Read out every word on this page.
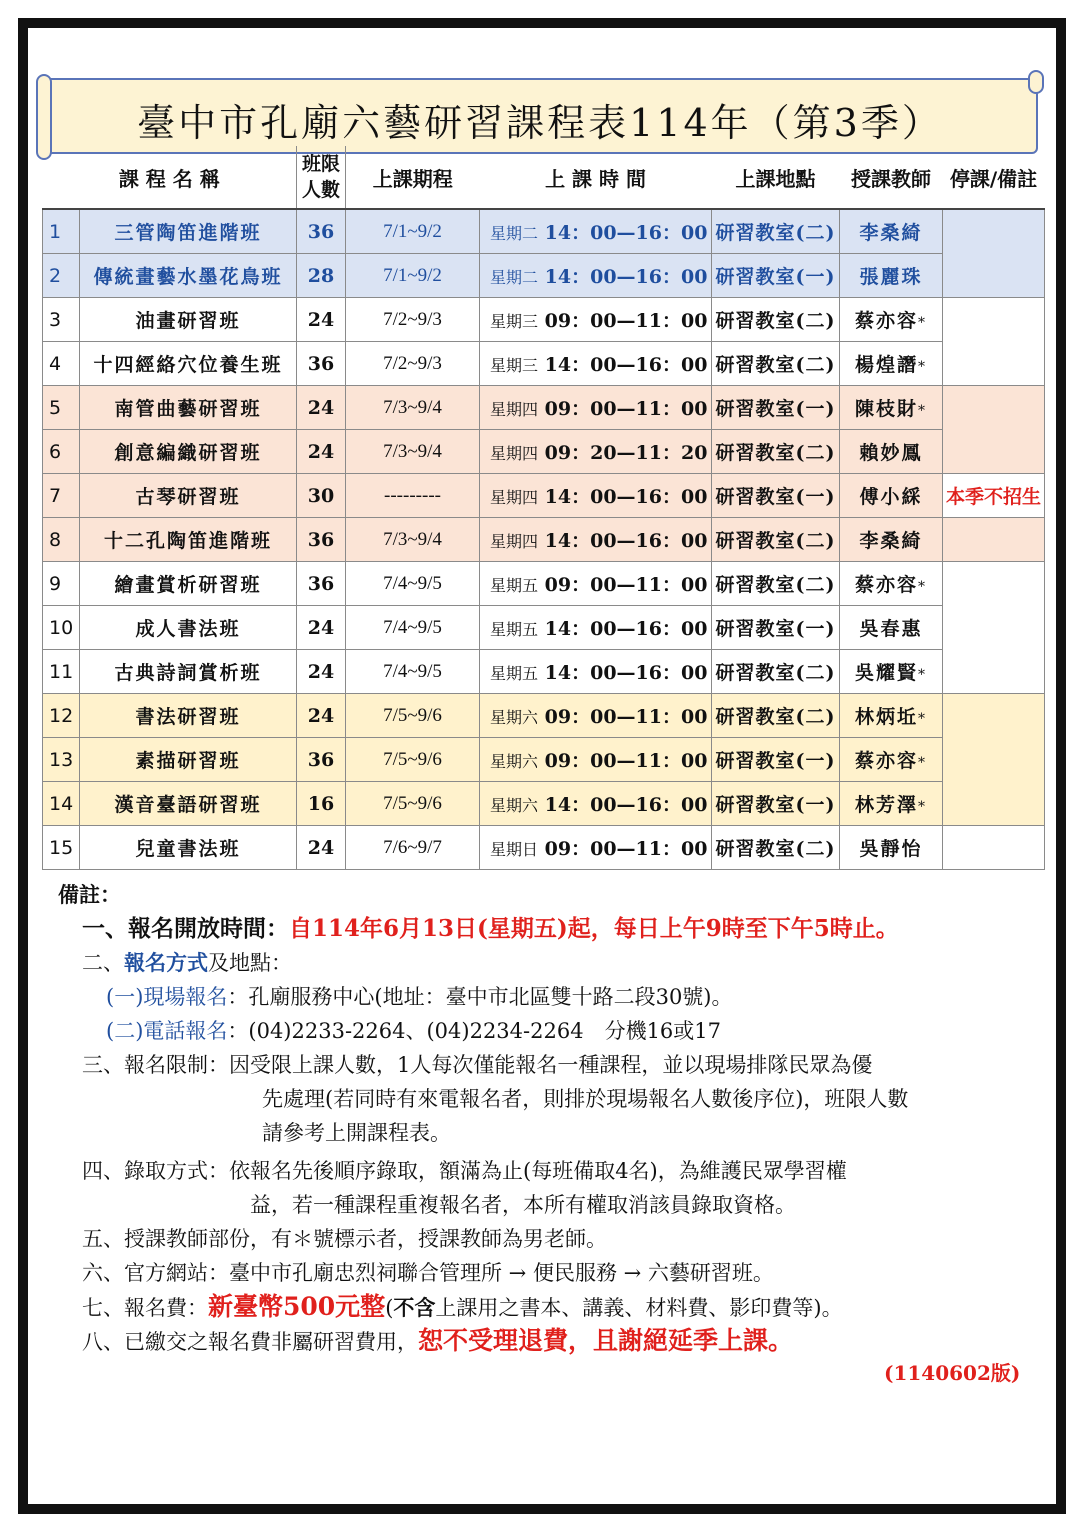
臺中市孔廟六藝研習課程表114年（第3季）
課 程 名 稱		班限
人數	上課期程	上 課 時 間	上課地點	授課教師	停課/備註
1	三管陶笛進階班	36	7/1~9/2	星期二 14：00—16：00	研習教室(二)	李桑綺	
2	傳統畫藝水墨花鳥班	28	7/1~9/2	星期二 14：00—16：00	研習教室(一)	張麗珠	
3	油畫研習班	24	7/2~9/3	星期三 09：00—11：00	研習教室(二)	蔡亦容*	
4	十四經絡穴位養生班	36	7/2~9/3	星期三 14：00—16：00	研習教室(二)	楊煌譖*	
5	南管曲藝研習班	24	7/3~9/4	星期四 09：00—11：00	研習教室(一)	陳枝財*	
6	創意編織研習班	24	7/3~9/4	星期四 09：20—11：20	研習教室(二)	賴妙鳳	
7	古琴研習班	30	---------	星期四 14：00—16：00	研習教室(一)	傅小綵	本季不招生
8	十二孔陶笛進階班	36	7/3~9/4	星期四 14：00—16：00	研習教室(二)	李桑綺	
9	繪畫賞析研習班	36	7/4~9/5	星期五 09：00—11：00	研習教室(二)	蔡亦容*	
10	成人書法班	24	7/4~9/5	星期五 14：00—16：00	研習教室(一)	吳春惠	
11	古典詩詞賞析班	24	7/4~9/5	星期五 14：00—16：00	研習教室(二)	吳耀賢*	
12	書法研習班	24	7/5~9/6	星期六 09：00—11：00	研習教室(二)	林炳坵*	
13	素描研習班	36	7/5~9/6	星期六 09：00—11：00	研習教室(一)	蔡亦容*	
14	漢音臺語研習班	16	7/5~9/6	星期六 14：00—16：00	研習教室(一)	林芳澤*	
15	兒童書法班	24	7/6~9/7	星期日 09：00—11：00	研習教室(二)	吳靜怡	
備註：
一、報名開放時間：自114年6月13日(星期五)起，每日上午9時至下午5時止。
二、報名方式及地點：
(一)現場報名：孔廟服務中心(地址：臺中市北區雙十路二段30號)。
(二)電話報名：(04)2233-2264、(04)2234-2264　分機16或17
三、報名限制：因受限上課人數，1人每次僅能報名一種課程，並以現場排隊民眾為優
先處理(若同時有來電報名者，則排於現場報名人數後序位)，班限人數
請參考上開課程表。
四、錄取方式：依報名先後順序錄取，額滿為止(每班備取4名)，為維護民眾學習權
益，若一種課程重複報名者，本所有權取消該員錄取資格。
五、授課教師部份，有＊號標示者，授課教師為男老師。
六、官方網站：臺中市孔廟忠烈祠聯合管理所 → 便民服務 → 六藝研習班。
七、報名費：新臺幣500元整(不含上課用之書本、講義、材料費、影印費等)。
八、已繳交之報名費非屬研習費用，恕不受理退費，且謝絕延季上課。
(1140602版)
